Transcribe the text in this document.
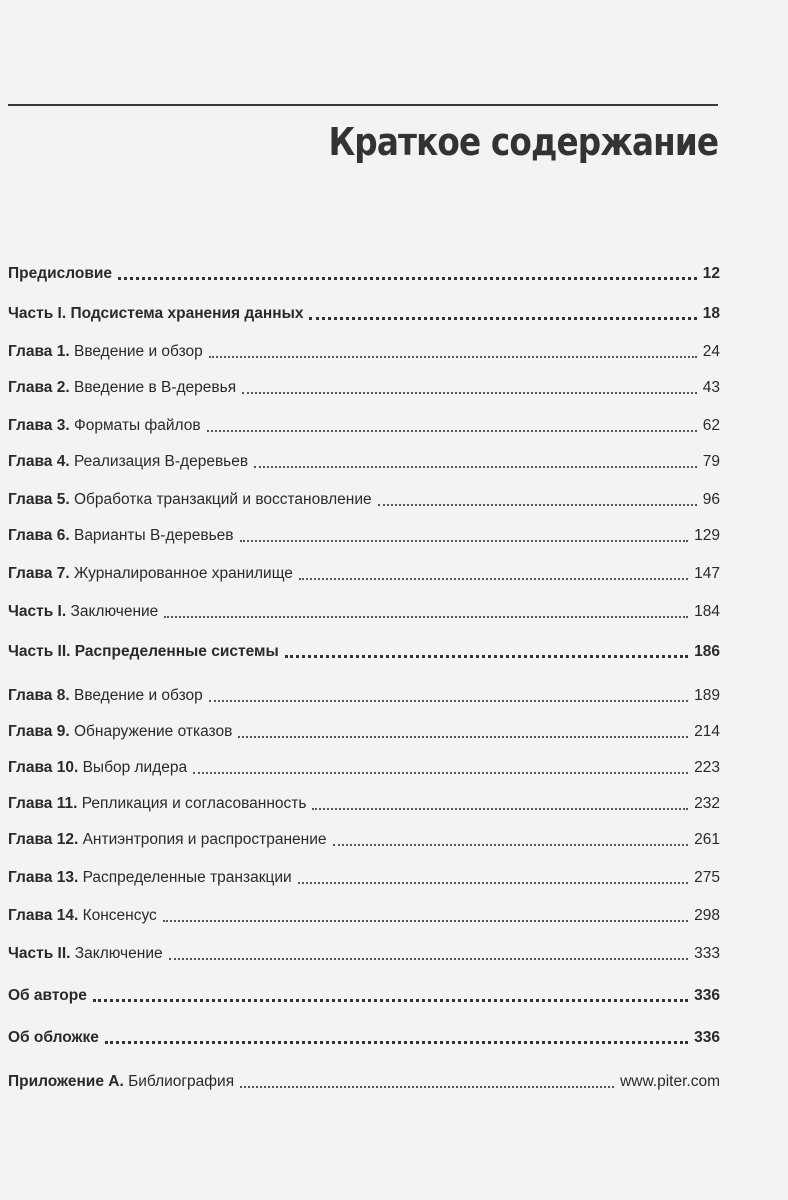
Краткое содержание
Предисловие	12
Часть I. Подсистема хранения данных	18
Глава 1. Введение и обзор	24
Глава 2. Введение в B-деревья	43
Глава 3. Форматы файлов	62
Глава 4. Реализация B-деревьев	79
Глава 5. Обработка транзакций и восстановление	96
Глава 6. Варианты B-деревьев	129
Глава 7. Журналированное хранилище	147
Часть I. Заключение	184
Часть II. Распределенные системы	186
Глава 8. Введение и обзор	189
Глава 9. Обнаружение отказов	214
Глава 10. Выбор лидера	223
Глава 11. Репликация и согласованность	232
Глава 12. Антиэнтропия и распространение	261
Глава 13. Распределенные транзакции	275
Глава 14. Консенсус	298
Часть II. Заключение	333
Об авторе	336
Об обложке	336
Приложение А. Библиография	www.piter.com
